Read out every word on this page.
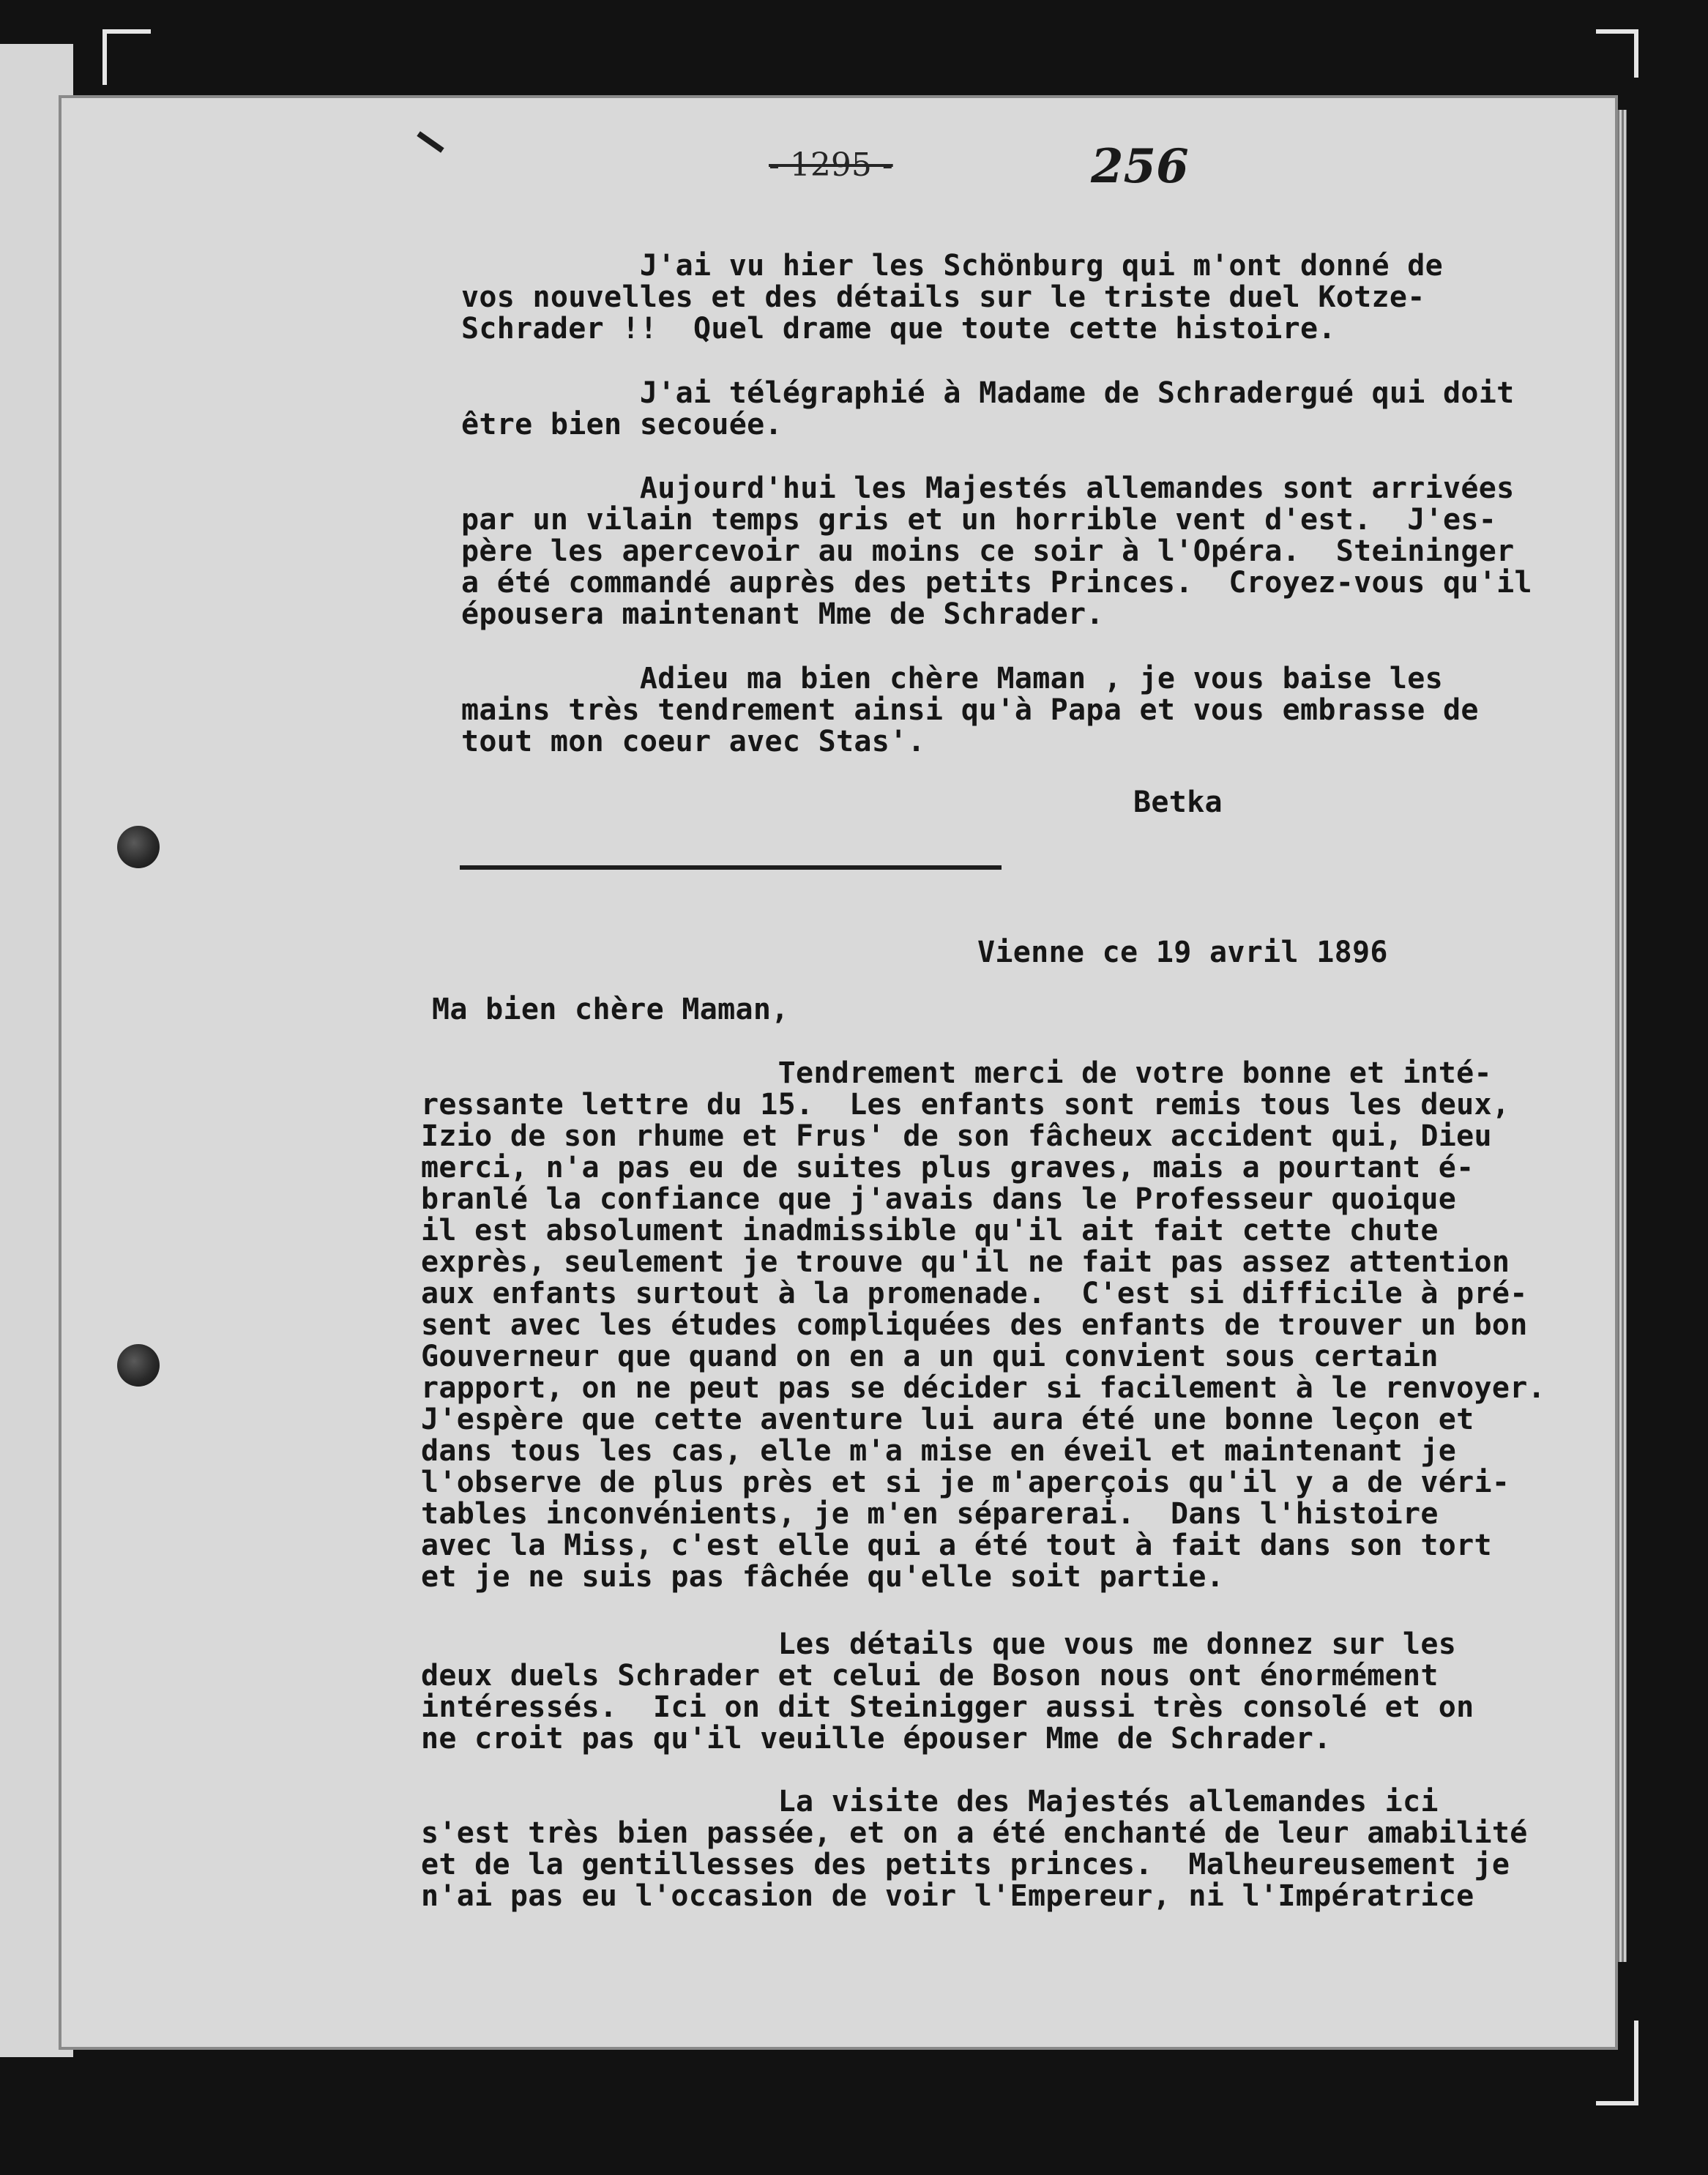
- 1295 -	256
J'ai vu hier les Schönburg qui m'ont donné de
vos nouvelles et des détails sur le triste duel Kotze-
Schrader !!  Quel drame que toute cette histoire.
J'ai télégraphié à Madame de Schradergué qui doit
être bien secouée.
Aujourd'hui les Majestés allemandes sont arrivées
par un vilain temps gris et un horrible vent d'est.  J'es-
père les apercevoir au moins ce soir à l'Opéra.  Steininger
a été commandé auprès des petits Princes.  Croyez-vous qu'il
épousera maintenant Mme de Schrader.
Adieu ma bien chère Maman , je vous baise les
mains très tendrement ainsi qu'à Papa et vous embrasse de
tout mon coeur avec Stas'.
Betka
Vienne ce 19 avril 1896
Ma bien chère Maman,
Tendrement merci de votre bonne et inté-
ressante lettre du 15.  Les enfants sont remis tous les deux,
Izio de son rhume et Frus' de son fâcheux accident qui, Dieu
merci, n'a pas eu de suites plus graves, mais a pourtant é-
branlé la confiance que j'avais dans le Professeur quoique
il est absolument inadmissible qu'il ait fait cette chute
exprès, seulement je trouve qu'il ne fait pas assez attention
aux enfants surtout à la promenade.  C'est si difficile à pré-
sent avec les études compliquées des enfants de trouver un bon
Gouverneur que quand on en a un qui convient sous certain
rapport, on ne peut pas se décider si facilement à le renvoyer.
J'espère que cette aventure lui aura été une bonne leçon et
dans tous les cas, elle m'a mise en éveil et maintenant je
l'observe de plus près et si je m'aperçois qu'il y a de véri-
tables inconvénients, je m'en séparerai.  Dans l'histoire
avec la Miss, c'est elle qui a été tout à fait dans son tort
et je ne suis pas fâchée qu'elle soit partie.
Les détails que vous me donnez sur les
deux duels Schrader et celui de Boson nous ont énormément
intéressés.  Ici on dit Steinigger aussi très consolé et on
ne croit pas qu'il veuille épouser Mme de Schrader.
La visite des Majestés allemandes ici
s'est très bien passée, et on a été enchanté de leur amabilité
et de la gentillesses des petits princes.  Malheureusement je
n'ai pas eu l'occasion de voir l'Empereur, ni l'Impératrice
